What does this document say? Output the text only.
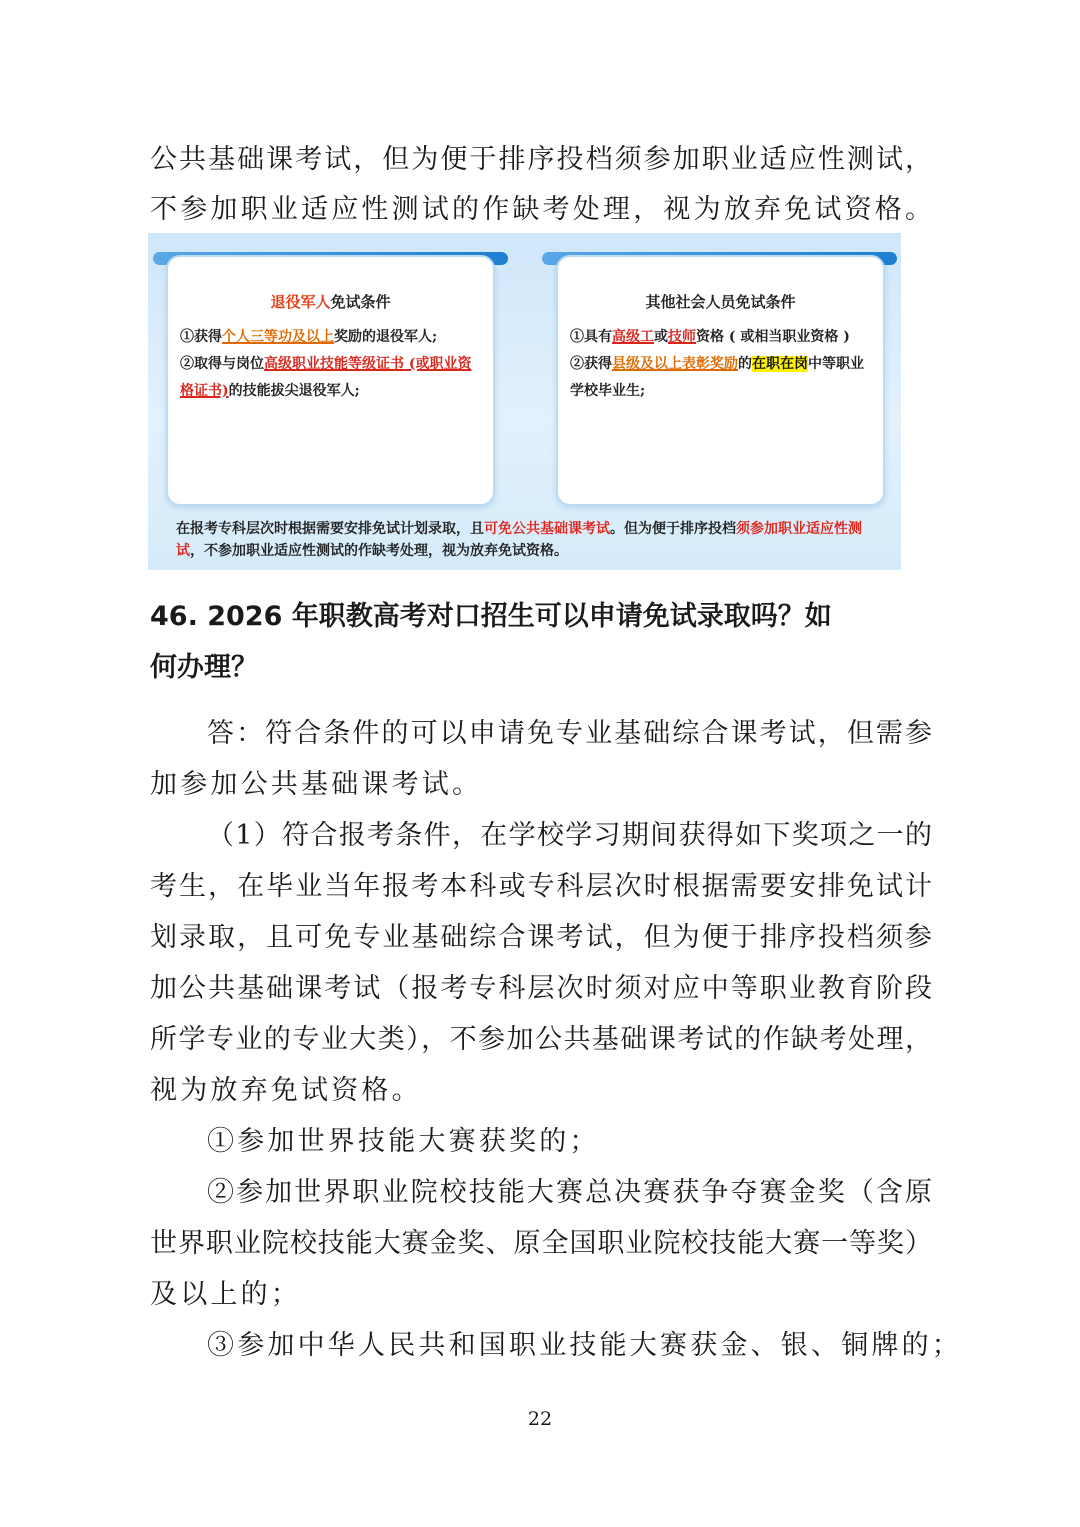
公共基础课考试，但为便于排序投档须参加职业适应性测试，
不参加职业适应性测试的作缺考处理，视为放弃免试资格。
退役军人免试条件
①获得个人三等功及以上奖励的退役军人;
②取得与岗位高级职业技能等级证书 (或职业资格证书)的技能拔尖退役军人;
其他社会人员免试条件
①具有高级工或技师资格 ( 或相当职业资格 )
②获得县级及以上表彰奖励的在职在岗中等职业学校毕业生;
在报考专科层次时根据需要安排免试计划录取，且可免公共基础课考试。但为便于排序投档须参加职业适应性测试，不参加职业适应性测试的作缺考处理，视为放弃免试资格。
46. 2026 年职教高考对口招生可以申请免试录取吗？如
何办理？
答：符合条件的可以申请免专业基础综合课考试，但需参
加参加公共基础课考试。
（1）符合报考条件，在学校学习期间获得如下奖项之一的
考生，在毕业当年报考本科或专科层次时根据需要安排免试计
划录取，且可免专业基础综合课考试，但为便于排序投档须参
加公共基础课考试（报考专科层次时须对应中等职业教育阶段
所学专业的专业大类），不参加公共基础课考试的作缺考处理，
视为放弃免试资格。
①参加世界技能大赛获奖的；
②参加世界职业院校技能大赛总决赛获争夺赛金奖（含原
世界职业院校技能大赛金奖、原全国职业院校技能大赛一等奖）
及以上的；
③参加中华人民共和国职业技能大赛获金、银、铜牌的；
22
